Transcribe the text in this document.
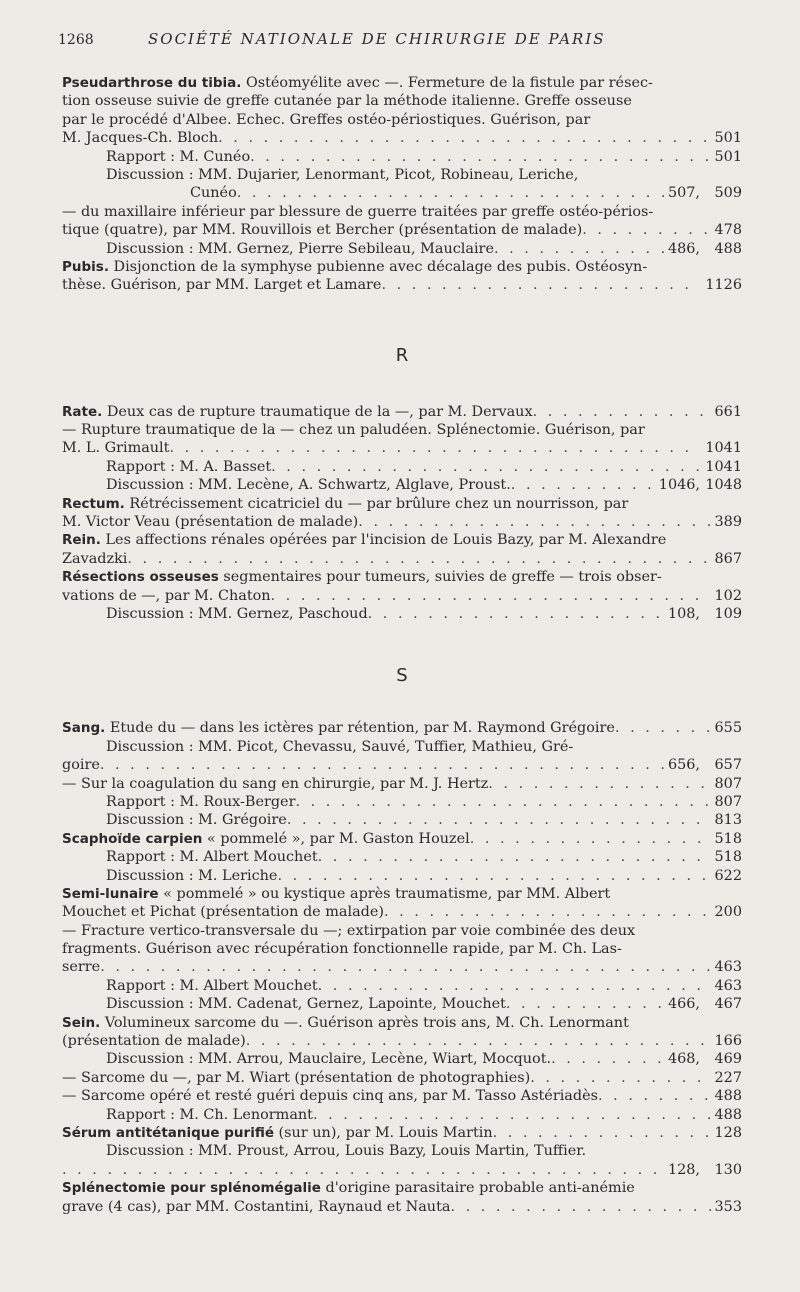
1268	SOCIÉTÉ NATIONALE DE CHIRURGIE DE PARIS
Pseudarthrose du tibia. Ostéomyélite avec —. Fermeture de la fistule par résec-
tion osseuse suivie de greffe cutanée par la méthode italienne. Greffe osseuse
par le procédé d'Albee. Echec. Greffes ostéo-périostiques. Guérison, par
M. Jacques-Ch. Bloch . . .	501
Rapport : M. Cunéo . . .	501
Discussion : MM. Dujarier, Lenormant, Picot, Robineau, Leriche,
Cunéo . . .	507,	509
— du maxillaire inférieur par blessure de guerre traitées par greffe ostéo-périos-
tique (quatre), par MM. Rouvillois et Bercher (présentation de malade) . . .	478
Discussion : MM. Gernez, Pierre Sebileau, Mauclaire . . .	486,	488
Pubis. Disjonction de la symphyse pubienne avec décalage des pubis. Ostéosyn-
thèse. Guérison, par MM. Larget et Lamare . . .	1126
R
Rate. Deux cas de rupture traumatique de la —, par M. Dervaux . . .	661
— Rupture traumatique de la — chez un paludéen. Splénectomie. Guérison, par
M. L. Grimault . . .	1041
Rapport : M. A. Basset . . .	1041
Discussion : MM. Lecène, A. Schwartz, Alglave, Proust. . . .	1046, 1048
Rectum. Rétrécissement cicatriciel du — par brûlure chez un nourrisson, par
M. Victor Veau (présentation de malade) . . .	389
Rein. Les affections rénales opérées par l'incision de Louis Bazy, par M. Alexandre
Zavadzki . . .	867
Résections osseuses segmentaires pour tumeurs, suivies de greffe — trois obser-
vations de —, par M. Chaton . . .	102
Discussion : MM. Gernez, Paschoud . . .	108,	109
S
Sang. Etude du — dans les ictères par rétention, par M. Raymond Grégoire . . .	655
Discussion : MM. Picot, Chevassu, Sauvé, Tuffier, Mathieu, Gré-
goire . . .	656,	657
— Sur la coagulation du sang en chirurgie, par M. J. Hertz . . .	807
Rapport : M. Roux-Berger . . .	807
Discussion : M. Grégoire . . .	813
Scaphoïde carpien « pommelé », par M. Gaston Houzel . . .	518
Rapport : M. Albert Mouchet . . .	518
Discussion : M. Leriche . . .	622
Semi-lunaire « pommelé » ou kystique après traumatisme, par MM. Albert
Mouchet et Pichat (présentation de malade) . . .	200
— Fracture vertico-transversale du —; extirpation par voie combinée des deux
fragments. Guérison avec récupération fonctionnelle rapide, par M. Ch. Las-
serre . . .	463
Rapport : M. Albert Mouchet . . .	463
Discussion : MM. Cadenat, Gernez, Lapointe, Mouchet . . .	466,	467
Sein. Volumineux sarcome du —. Guérison après trois ans, M. Ch. Lenormant
(présentation de malade) . . .	166
Discussion : MM. Arrou, Mauclaire, Lecène, Wiart, Mocquot. . . .	468,	469
— Sarcome du —, par M. Wiart (présentation de photographies) . . .	227
— Sarcome opéré et resté guéri depuis cinq ans, par M. Tasso Astériadès . . .	488
Rapport : M. Ch. Lenormant . . .	488
Sérum antitétanique purifié (sur un), par M. Louis Martin . . .	128
Discussion : MM. Proust, Arrou, Louis Bazy, Louis Martin, Tuffier.
. . .
128,	130
Splénectomie pour splénomégalie d'origine parasitaire probable anti-anémie
grave (4 cas), par MM. Costantini, Raynaud et Nauta . . .	353
